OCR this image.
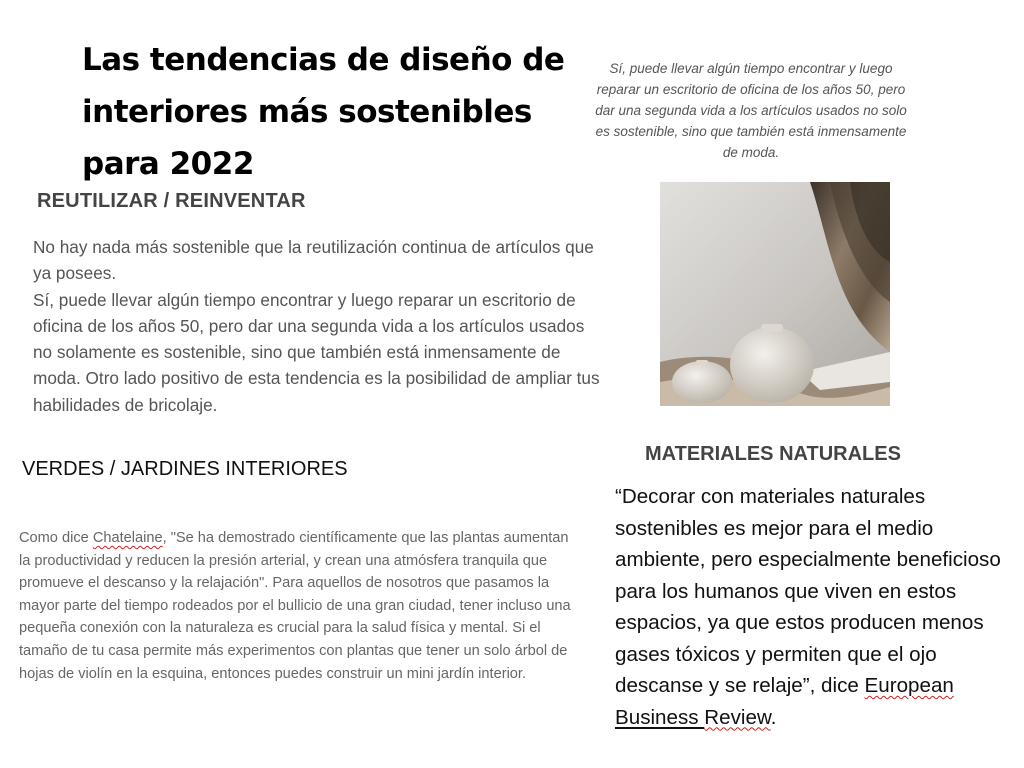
Las tendencias de diseño de interiores más sostenibles para 2022
Sí, puede llevar algún tiempo encontrar y luego reparar un escritorio de oficina de los años 50, pero dar una segunda vida a los artículos usados no solo es sostenible, sino que también está inmensamente de moda.
REUTILIZAR / REINVENTAR
No hay nada más sostenible que la reutilización continua de artículos que ya posees.
Sí, puede llevar algún tiempo encontrar y luego reparar un escritorio de oficina de los años 50, pero dar una segunda vida a los artículos usados no solamente es sostenible, sino que también está inmensamente de moda. Otro lado positivo de esta tendencia es la posibilidad de ampliar tus habilidades de bricolaje.
VERDES / JARDINES INTERIORES
Como dice Chatelaine, "Se ha demostrado científicamente que las plantas aumentan la productividad y reducen la presión arterial, y crean una atmósfera tranquila que promueve el descanso y la relajación". Para aquellos de nosotros que pasamos la mayor parte del tiempo rodeados por el bullicio de una gran ciudad, tener incluso una pequeña conexión con la naturaleza es crucial para la salud física y mental. Si el tamaño de tu casa permite más experimentos con plantas que tener un solo árbol de hojas de violín en la esquina, entonces puedes construir un mini jardín interior.
MATERIALES NATURALES
“Decorar con materiales naturales sostenibles es mejor para el medio ambiente, pero especialmente beneficioso para los humanos que viven en estos espacios, ya que estos producen menos gases tóxicos y permiten que el ojo descanse y se relaje”, dice European Business Review.
